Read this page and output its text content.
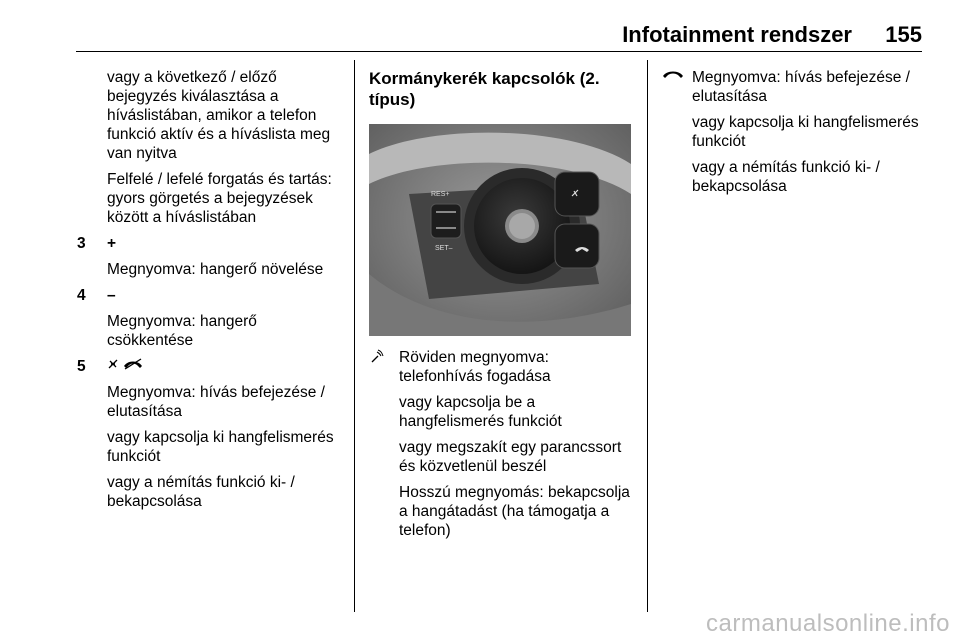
Infotainment rendszer 155

vagy a következő / előző bejegyzés kiválasztása a híváslistában, amikor a telefon funkció aktív és a híváslista meg van nyitva

Felfelé / lefelé forgatás és tartás: gyors görgetés a bejegyzések között a híváslistában

3	+

Megnyomva: hangerő növelése

4	–

Megnyomva: hangerő csökkentése

5

Megnyomva: hívás befejezése / elutasítása

vagy kapcsolja ki hangfelismerés funkciót

vagy a némítás funkció ki- / bekapcsolása

Kormánykerék kapcsolók (2. típus)
RES+
SET–

Röviden megnyomva: telefonhívás fogadása

vagy kapcsolja be a hangfelismerés funkciót

vagy megszakít egy parancssort és közvetlenül beszél

Hosszú megnyomás: bekapcsolja a hangátadást (ha támogatja a telefon)

Megnyomva: hívás befejezése / elutasítása

vagy kapcsolja ki hangfelismerés funkciót

vagy a némítás funkció ki- / bekapcsolása

carmanualsonline.info
